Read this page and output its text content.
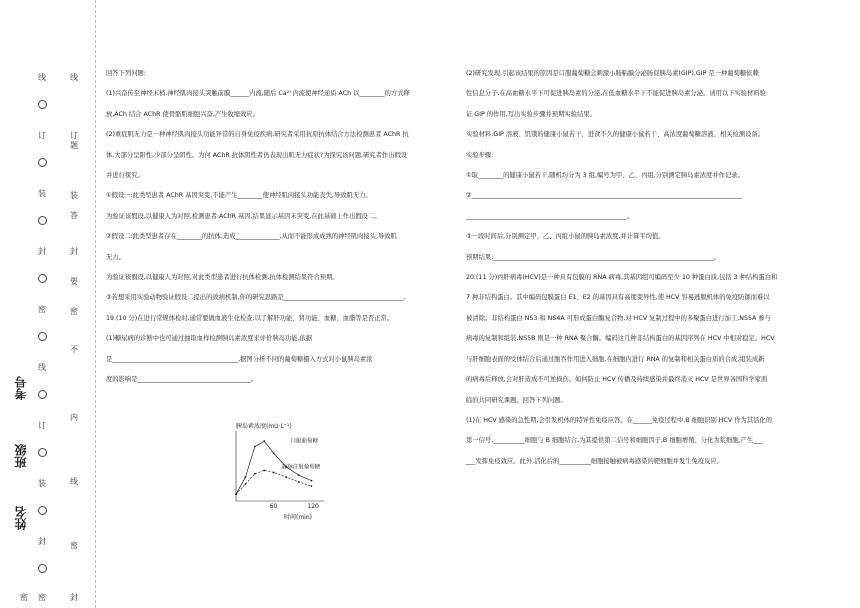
线
订
装
封
密
线
订
装
封
密
线
订
题
装
答
封
要
密
不
内
线
密
封
考号
班级
姓名
密

回答下列问题:

(1)兴奋传至神经末梢,神经肌肉接头突触前膜______内流,随后 Ca²⁺内流使神经递质 ACh 以________的方式释

放,ACh 结合 AChR 使骨骼肌细胞兴奋,产生收缩效应。

(2)重症肌无力是一种神经肌肉接头功能异常的自身免疫疾病,研究者采用抗原抗体结合方法检测患者 AChR 抗

体,大部分呈阳性,少部分呈阴性。为何 AChR 抗体阴性者仍表现出肌无力症状?为探究该问题,研究者作出假设

并进行探究。

①假设一:此类型患者 AChR 基因突变,不能产生________使神经肌肉接头功能丧失,导致肌无力。

为验证该假设,以健康人为对照,检测患者 AChR 基因,结果显示基因未突变,在此基础上作出假设二。

②假设二:此类型患者存在________的抗体,造成______________,从而不能形成成熟的神经肌肉接头,导致肌

无力。

为验证该假设,以健康人为对照,对此类型患者进行抗体检测,抗体检测结果符合预期。

③若想采用实验动物验证假设二提出的致病机制,你的研究思路是______________________________________。

19.(10 分)在进行常规体检时,通常要做血液生化检查,以了解肝功能、肾功能、血糖、血脂等是否正常。

(1)糖尿病的诊断中也可通过抽取血样检测胰岛素浓度来评价胰岛功能,依据

是________________________________________,据图分析不同的葡萄糖摄入方式对小鼠胰岛素浓

度的影响是____________________________________。

胰岛素浓度(mU·L⁻¹)
口服葡萄糖
静脉注射葡萄糖
60	120
时间(min)

(2)研究发现,引起该结果的原因是口服葡萄糖会刺激小肠粘膜分泌肠促胰岛素(GIP),GIP 是一种葡萄糖依赖

性信息分子,在高血糖水平下可促进胰岛素的分泌,在低血糖水平下不能促进胰岛素分泌。请用以下实验材料验

证 GIP 的作用,写出实验步骤并预期实验结果。

实验材料:GIP 溶液、饥饿的健康小鼠若干、进食不久的健康小鼠若干、高浓度葡萄糖溶液、相关检测设备。

实验步骤:

①取________的健康小鼠若干,随机均分为 3 组,编号为甲、乙、丙组,分别测定胰岛素浓度并作记录。

②______________________________________________________________________________________

___________________________________________________。

③一段时间后,分别测定甲、乙、丙组小鼠的胰岛素浓度,并计算平均值。

预期结果:______________________________________________________________________。

20.(11 分)丙肝病毒(HCV)是一种具有包膜的 RNA 病毒,其基因组可编码至少 10 种蛋白质,包括 3 种结构蛋白和

7 种非结构蛋白。其中编码包膜蛋白 E1、E2 的基因具有高度变异性,使 HCV 容易逃脱机体的免疫防御而难以

被清除。非结构蛋白 NS3 和 NS4A 可形成蛋白酶复合物,对 HCV 复制过程中的多聚蛋白进行加工,NS5A 参与

病毒的复制和组装,NS5B 则是一种 RNA 聚合酶。编码这几种非结构蛋白的基因序列在 HCV 中相对稳定。HCV

与肝细胞表面的受体结合后通过胞吞作用进入细胞,在细胞内进行 RNA 的复制和相关蛋白质的合成,组装成新

的病毒后释放,会对肝造成不可逆损伤。如何防止 HCV 传播及持续感染并最终消灭 HCV 是世界各国科学家面

临的共同研究课题。回答下列问题。

(1)在 HCV 感染的急性期,会引发机体的特异性免疫应答。在______免疫过程中,B 细胞识别 HCV 作为其活化的

第一信号,__________细胞与 B 细胞结合,为其提供第二信号和细胞因子,B 细胞增殖、分化为浆细胞,产生___

___发挥免疫效应。此外,活化后的__________细胞接触被病毒感染的靶细胞并发生免疫反应。
